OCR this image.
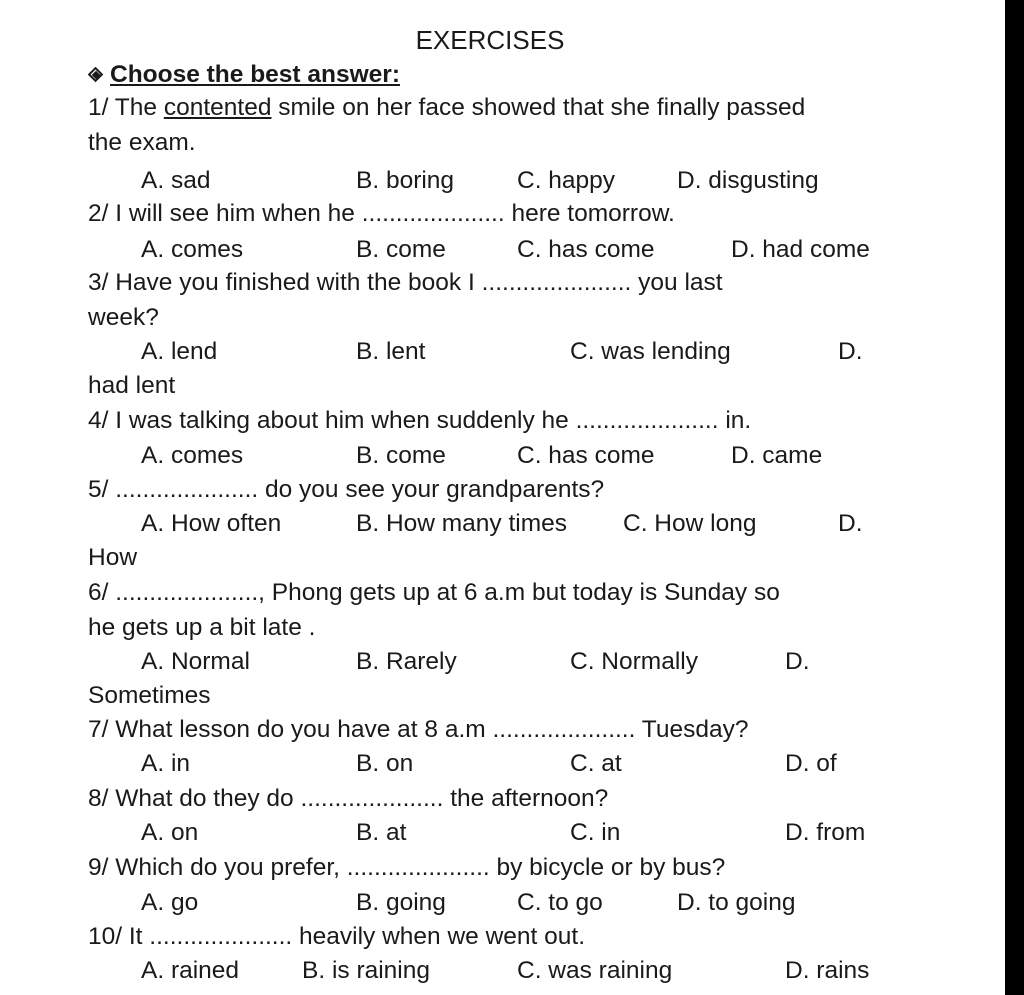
EXERCISES
Choose the best answer:
1/ The contented smile on her face showed that she finally passed
the exam.
A. sad	B. boring	C. happy	D. disgusting
2/ I will see him when he ..................... here tomorrow.
A. comes	B. come	C. has come	D. had come
3/ Have you finished with the book I ...................... you last
week?
A. lend	B. lent	C. was lending	D.
had lent
4/ I was talking about him when suddenly he ..................... in.
A. comes	B. come	C. has come	D. came
5/ ..................... do you see your grandparents?
A. How often	B. How many times C. How long	D.
How
6/ ....................., Phong gets up at 6 a.m but today is Sunday so
he gets up a bit late .
A. Normal	B. Rarely	C. Normally	D.
Sometimes
7/ What lesson do you have at 8 a.m ..................... Tuesday?
A. in	B. on	C. at	D. of
8/ What do they do ..................... the afternoon?
A. on	B. at	C. in	D. from
9/ Which do you prefer, ..................... by bicycle or by bus?
A. go	B. going	C. to go	D. to going
10/ It ..................... heavily when we went out.
A. rained	B. is raining	C. was raining	D. rains
